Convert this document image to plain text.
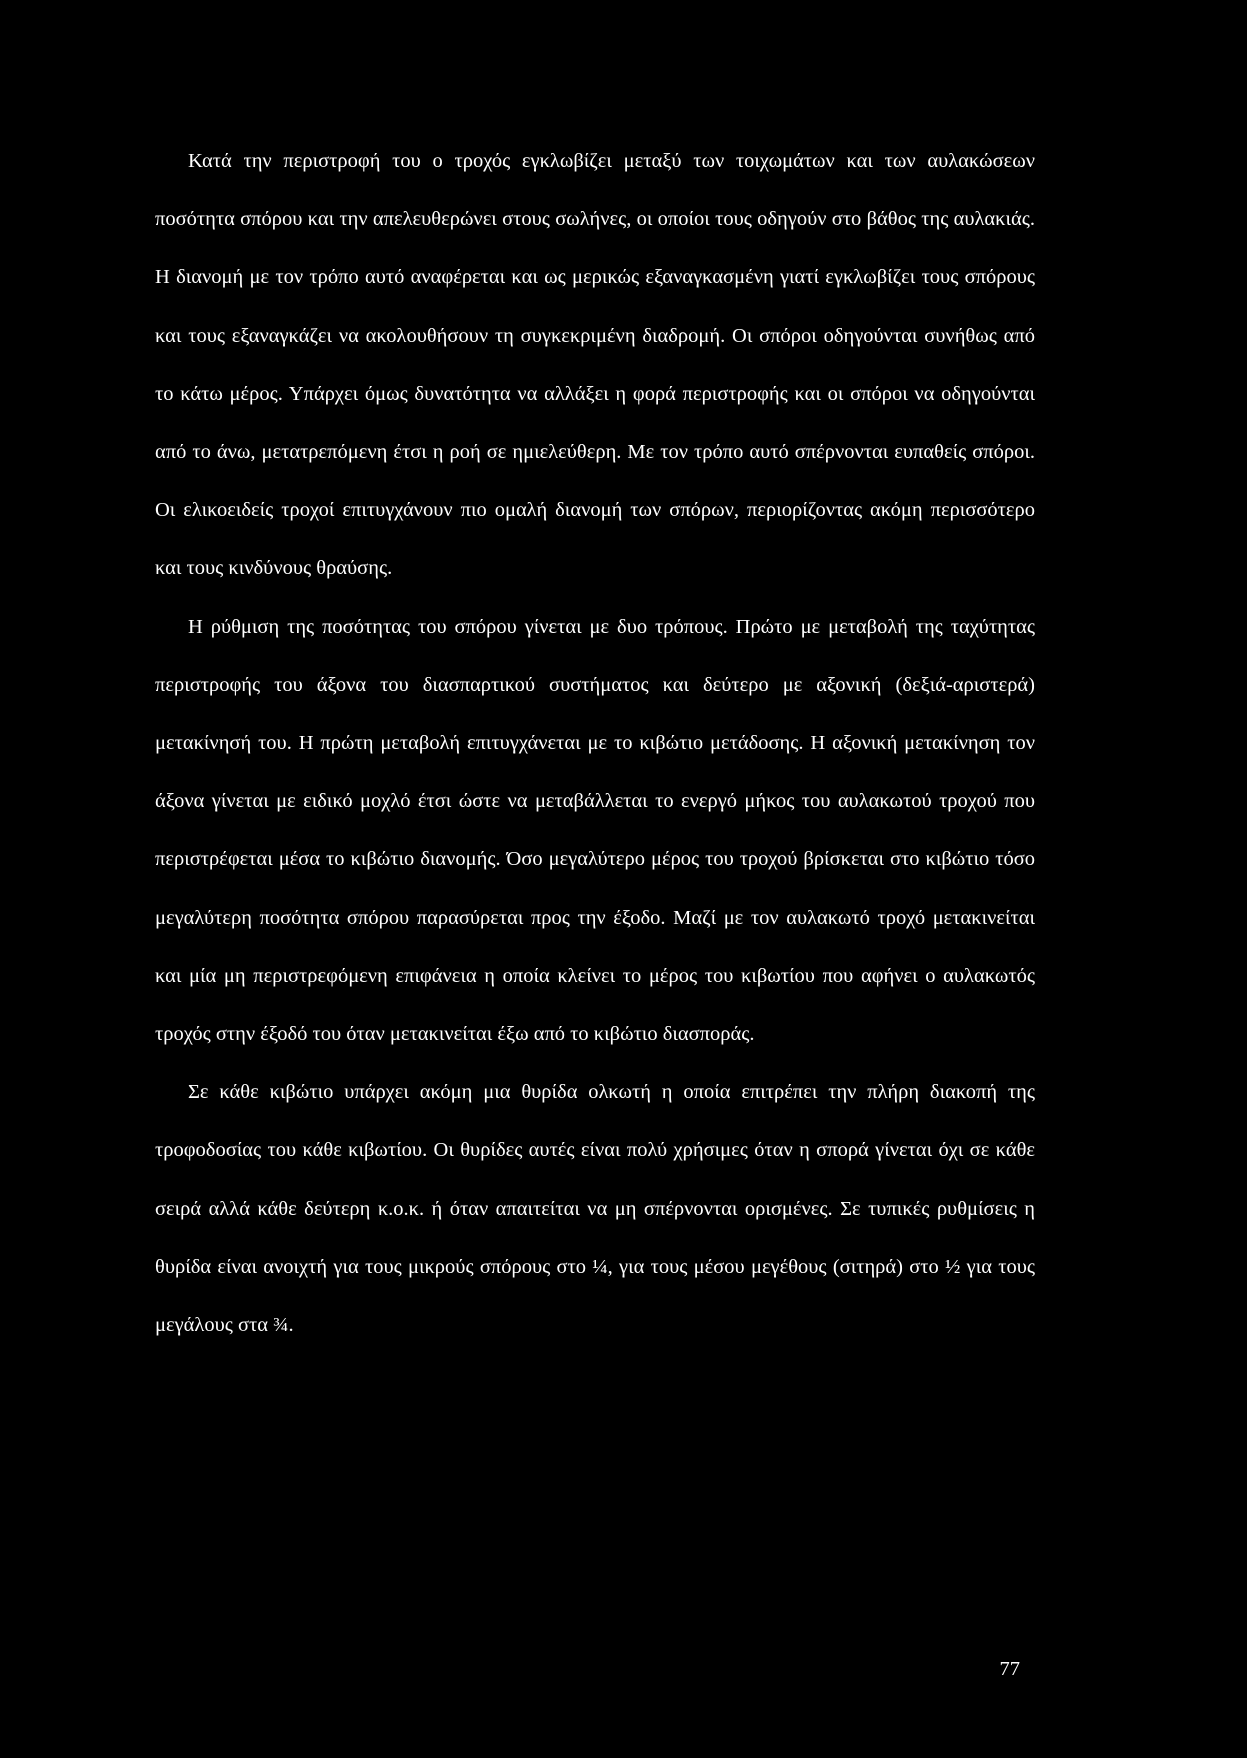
Κατά την περιστροφή του ο τροχός εγκλωβίζει μεταξύ των τοιχωμάτων και των αυλακώσεων ποσότητα σπόρου και την απελευθερώνει στους σωλήνες, οι οποίοι τους οδηγούν στο βάθος της αυλακιάς. Η διανομή με τον τρόπο αυτό αναφέρεται και ως μερικώς εξαναγκασμένη γιατί εγκλωβίζει τους σπόρους και τους εξαναγκάζει να ακολουθήσουν τη συγκεκριμένη διαδρομή. Οι σπόροι οδηγούνται συνήθως από το κάτω μέρος. Υπάρχει όμως δυνατότητα να αλλάξει η φορά περιστροφής και οι σπόροι να οδηγούνται από το άνω, μετατρεπόμενη έτσι η ροή σε ημιελεύθερη. Με τον τρόπο αυτό σπέρνονται ευπαθείς σπόροι. Οι ελικοειδείς τροχοί επιτυγχάνουν πιο ομαλή διανομή των σπόρων, περιορίζοντας ακόμη περισσότερο και τους κινδύνους θραύσης.

Η ρύθμιση της ποσότητας του σπόρου γίνεται με δυο τρόπους. Πρώτο με μεταβολή της ταχύτητας περιστροφής του άξονα του διασπαρτικού συστήματος και δεύτερο με αξονική (δεξιά-αριστερά) μετακίνησή του. Η πρώτη μεταβολή επιτυγχάνεται με το κιβώτιο μετάδοσης. Η αξονική μετακίνηση τον άξονα γίνεται με ειδικό μοχλό έτσι ώστε να μεταβάλλεται το ενεργό μήκος του αυλακωτού τροχού που περιστρέφεται μέσα το κιβώτιο διανομής. Όσο μεγαλύτερο μέρος του τροχού βρίσκεται στο κιβώτιο τόσο μεγαλύτερη ποσότητα σπόρου παρασύρεται προς την έξοδο. Μαζί με τον αυλακωτό τροχό μετακινείται και μία μη περιστρεφόμενη επιφάνεια η οποία κλείνει το μέρος του κιβωτίου που αφήνει ο αυλακωτός τροχός στην έξοδό του όταν μετακινείται έξω από το κιβώτιο διασποράς.

Σε κάθε κιβώτιο υπάρχει ακόμη μια θυρίδα ολκωτή η οποία επιτρέπει την πλήρη διακοπή της τροφοδοσίας του κάθε κιβωτίου. Οι θυρίδες αυτές είναι πολύ χρήσιμες όταν η σπορά γίνεται όχι σε κάθε σειρά αλλά κάθε δεύτερη κ.ο.κ. ή όταν απαιτείται να μη σπέρνονται ορισμένες. Σε τυπικές ρυθμίσεις η θυρίδα είναι ανοιχτή για τους μικρούς σπόρους στο ¼, για τους μέσου μεγέθους (σιτηρά) στο ½ για τους μεγάλους στα ¾.

77
